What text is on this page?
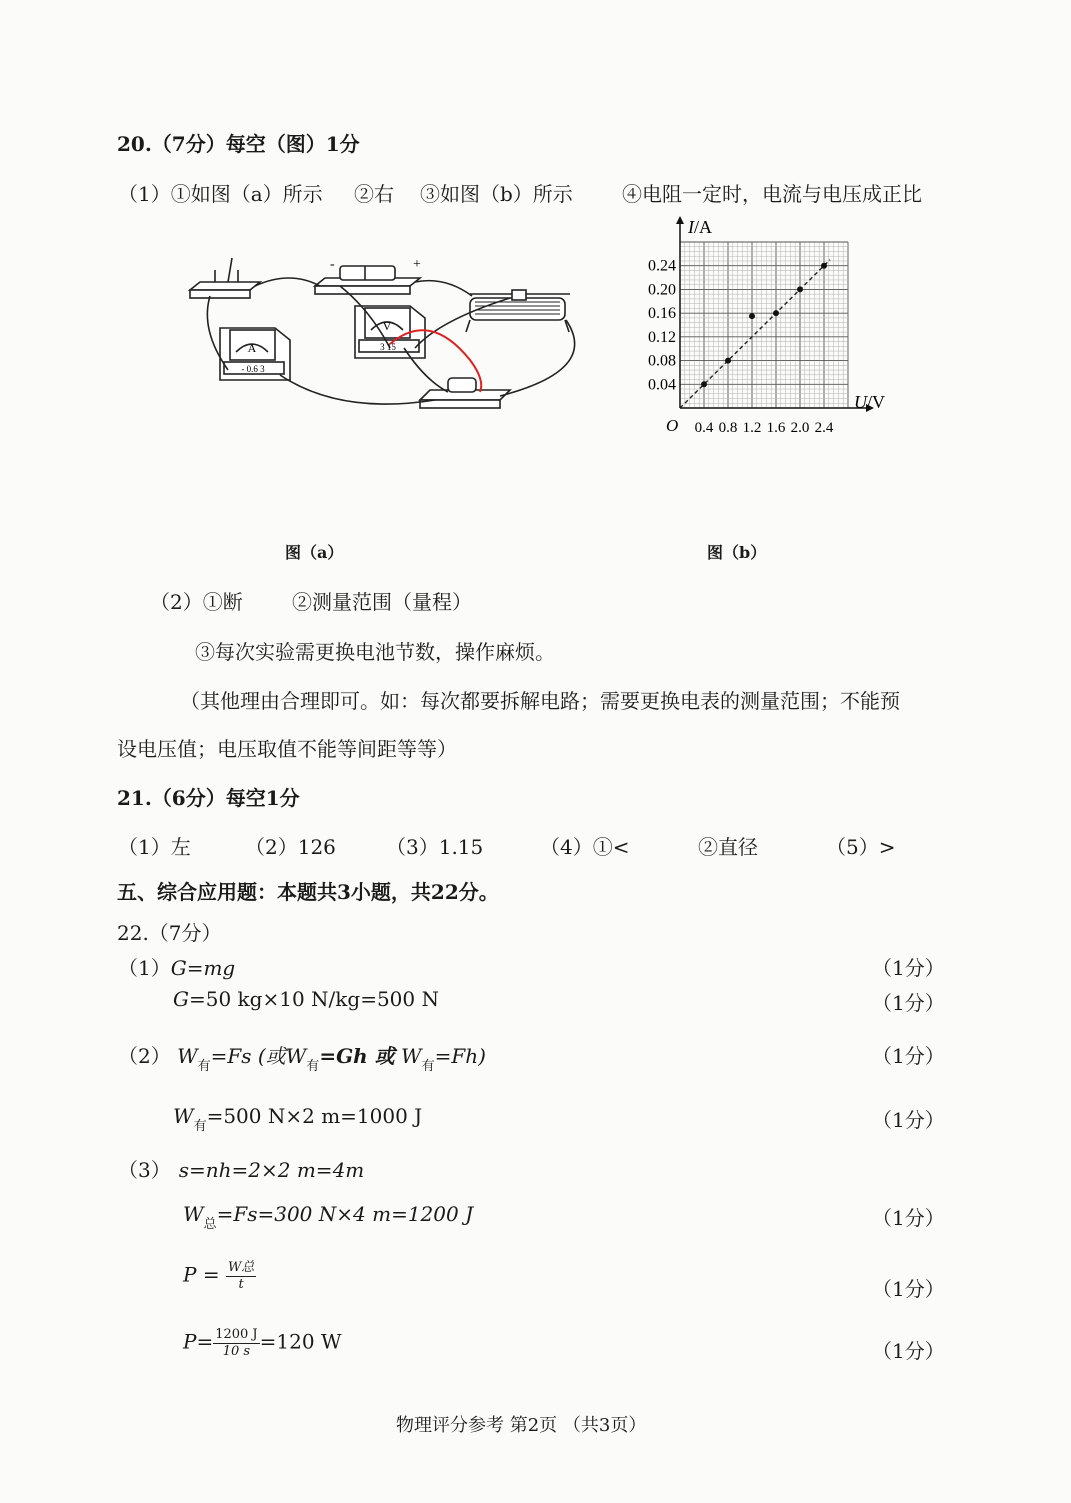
20.（7分）每空（图）1分
（1）①如图（a）所示 ②右 ③如图（b）所示 ④电阻一定时，电流与电压成正比
A
- 0.6 3
V
3 15
-	+
0.4 0.8 1.2 1.6 2.0 2.4
0.04
0.08
0.12
0.16
0.20
0.24
I/A
U/V
O
图（a）	图（b）
（2）①断 ②测量范围（量程）
③每次实验需更换电池节数，操作麻烦。
（其他理由合理即可。如：每次都要拆解电路；需要更换电表的测量范围；不能预
设电压值；电压取值不能等间距等等）
21.（6分）每空1分
（1）左	（2）126	（3）1.15	（4）①<	②直径	（5）>
五、综合应用题：本题共3小题，共22分。
22.（7分）
（1）G=mg	（1分）
G=50 kg×10 N/kg=500 N	（1分）
（2） $W_有=Fs$ (或$W_有=Gh$ 或 $W_有=Fh$)	（1分）
$W_有=500$ N×2 m=1000 J	（1分）
（3） s=nh=2×2 m=4m
$W_总=Fs=300$ N×4 m=1200 J	（1分）
$P = \frac{\text{W总}}{t}$	（1分）
$P= \frac{1200 J}{10 s} =120$ W	（1分）
物理评分参考 第2页 （共3页）
